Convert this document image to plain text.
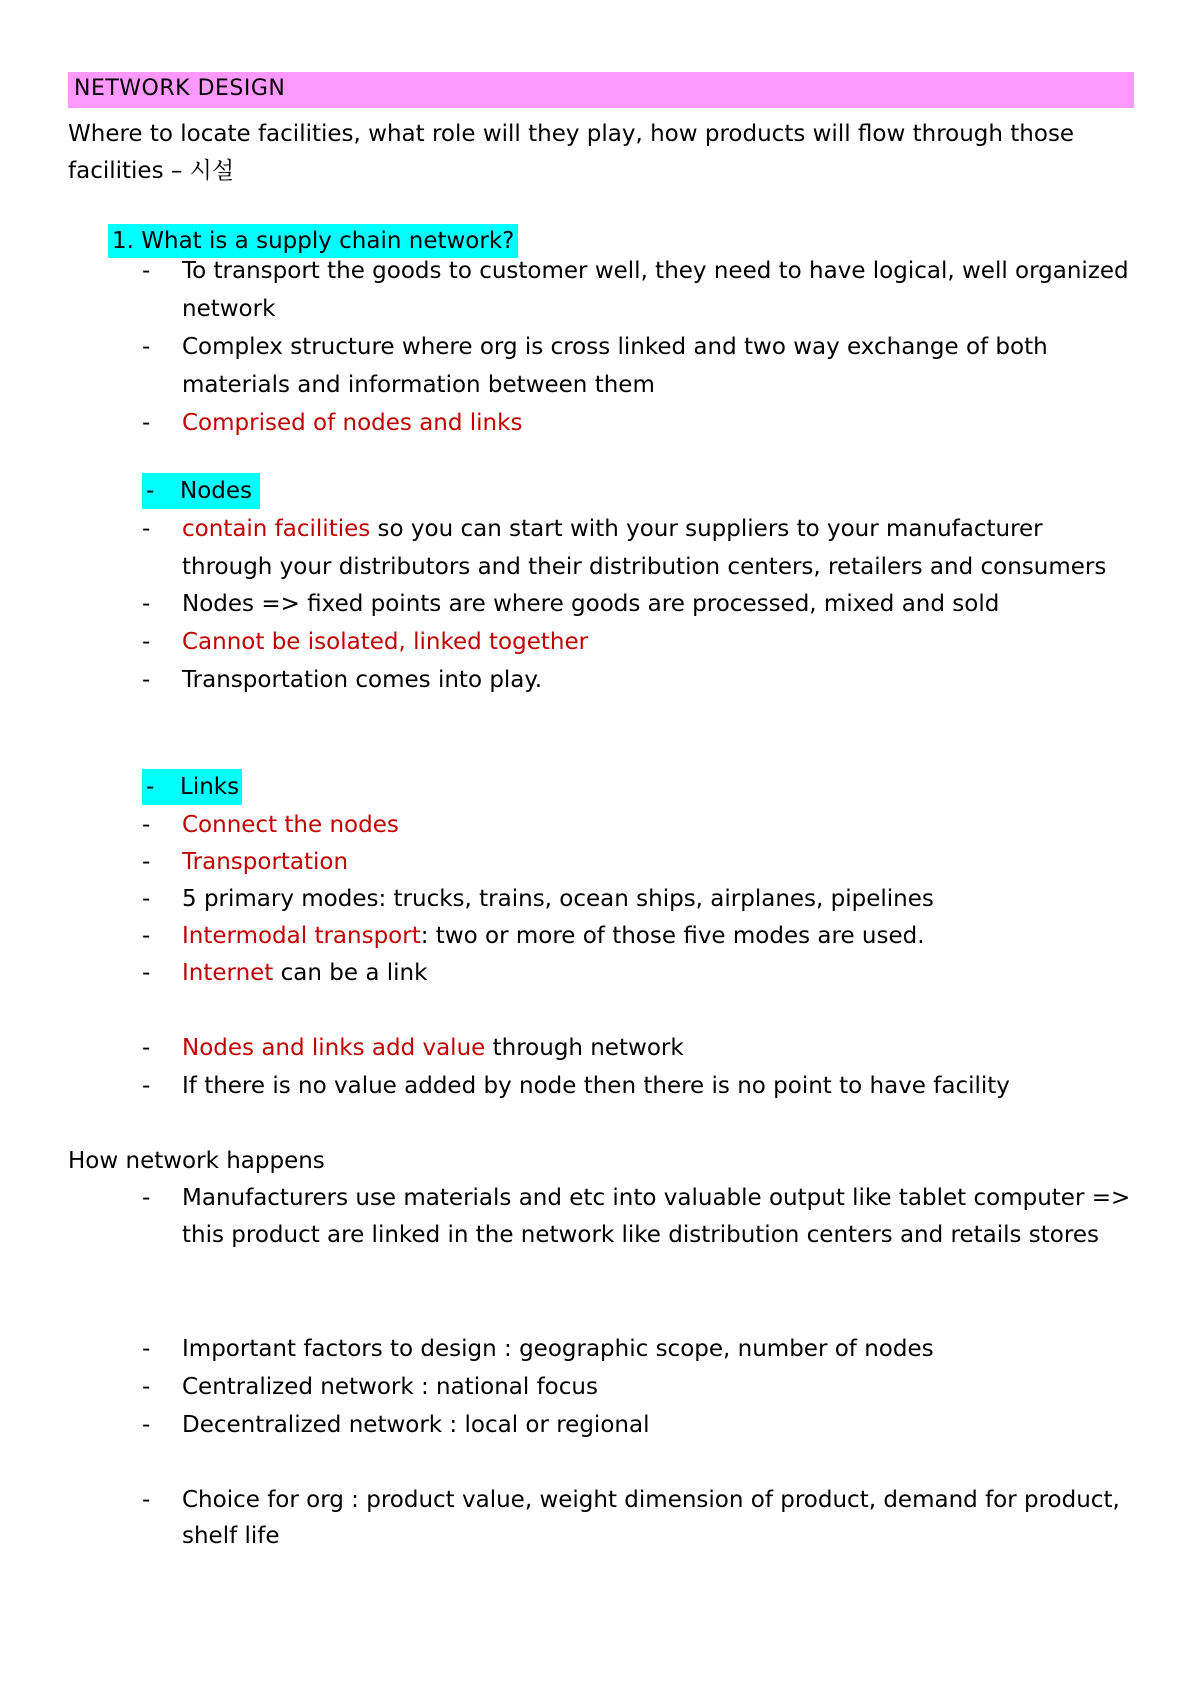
NETWORK DESIGN
Where to locate facilities, what role will they play, how products will flow through those
facilities – 시설
1. What is a supply chain network?
- To transport the goods to customer well, they need to have logical, well organized
network
- Complex structure where org is cross linked and two way exchange of both
materials and information between them
- Comprised of nodes and links
- Nodes
- contain facilities so you can start with your suppliers to your manufacturer
through your distributors and their distribution centers, retailers and consumers
- Nodes => fixed points are where goods are processed, mixed and sold
- Cannot be isolated, linked together
- Transportation comes into play.
- Links
- Connect the nodes
- Transportation
- 5 primary modes: trucks, trains, ocean ships, airplanes, pipelines
- Intermodal transport: two or more of those five modes are used.
- Internet can be a link
- Nodes and links add value through network
- If there is no value added by node then there is no point to have facility
How network happens
- Manufacturers use materials and etc into valuable output like tablet computer =>
this product are linked in the network like distribution centers and retails stores
- Important factors to design : geographic scope, number of nodes
- Centralized network : national focus
- Decentralized network : local or regional
- Choice for org : product value, weight dimension of product, demand for product,
shelf life
